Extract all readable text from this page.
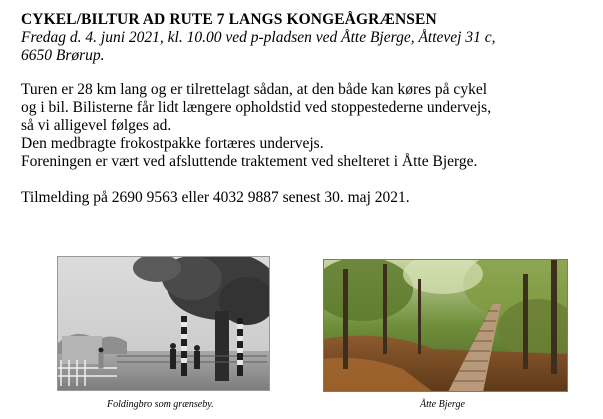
CYKEL/BILTUR AD RUTE 7 LANGS KONGEÅGRÆNSEN

Fredag d. 4. juni 2021, kl. 10.00 ved p-pladsen ved Åtte Bjerge, Åttevej 31 c,

6650 Brørup.

Turen er 28 km lang og er tilrettelagt sådan, at den både kan køres på cykel

og i bil. Bilisterne får lidt længere opholdstid ved stoppestederne undervejs,

så vi alligevel følges ad.

Den medbragte frokostpakke fortæres undervejs.

Foreningen er vært ved afsluttende traktement ved shelteret i Åtte Bjerge.

Tilmelding på 2690 9563 eller 4032 9887 senest 30. maj 2021.

Foldingbro som grænseby.	Åtte Bjerge
